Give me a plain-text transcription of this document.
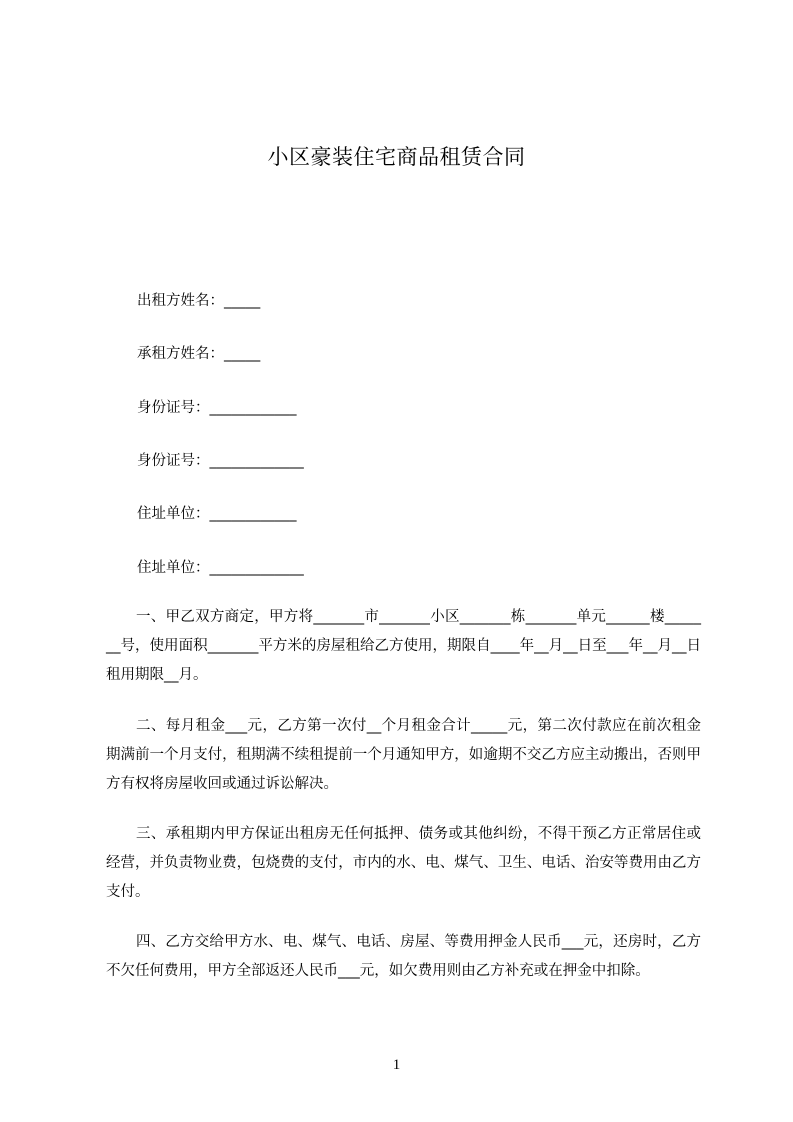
小区豪装住宅商品租赁合同
出租方姓名：_____
承租方姓名：_____
身份证号：____________
身份证号：_____________
住址单位：____________
住址单位：_____________
一、甲乙双方商定，甲方将_______市_______小区_______栋_______单元______楼_______号，使用面积_______平方米的房屋租给乙方使用，期限自____年__月__日至___年__月__日租用期限__月。
二、每月租金___元，乙方第一次付__个月租金合计_____元，第二次付款应在前次租金期满前一个月支付，租期满不续租提前一个月通知甲方，如逾期不交乙方应主动搬出，否则甲方有权将房屋收回或通过诉讼解决。
三、承租期内甲方保证出租房无任何抵押、债务或其他纠纷，不得干预乙方正常居住或经营，并负责物业费，包烧费的支付，市内的水、电、煤气、卫生、电话、治安等费用由乙方支付。
四、乙方交给甲方水、电、煤气、电话、房屋、等费用押金人民币___元，还房时，乙方不欠任何费用，甲方全部返还人民币___元，如欠费用则由乙方补充或在押金中扣除。
1
